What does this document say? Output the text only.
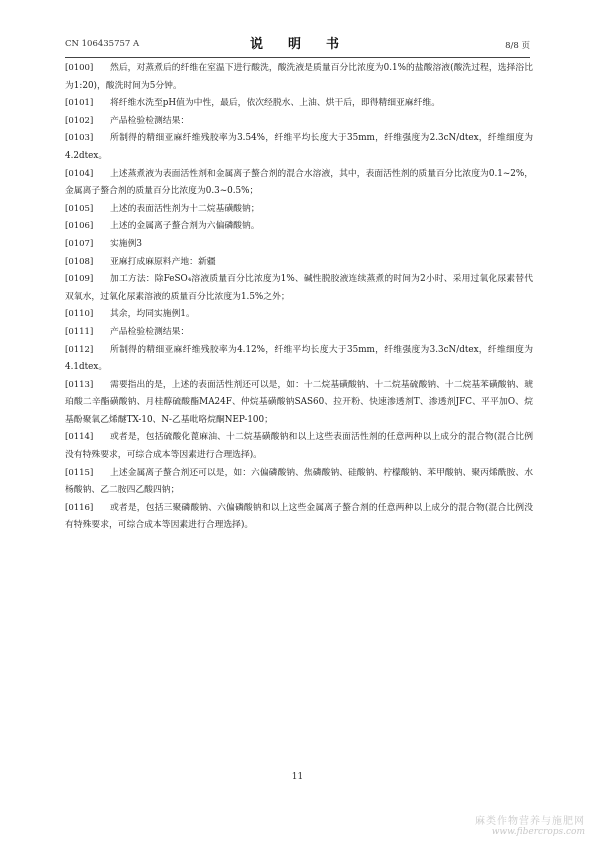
CN 106435757 A	说　明　书	8/8 页
[0100]	然后，对蒸煮后的纤维在室温下进行酸洗，酸洗液是质量百分比浓度为0.1%的盐酸溶液(酸洗过程，选择浴比为1:20)，酸洗时间为5分钟。
[0101]	将纤维水洗至pH值为中性，最后，依次经脱水、上油、烘干后，即得精细亚麻纤维。
[0102]	产品检验检测结果：
[0103]	所制得的精细亚麻纤维残胶率为3.54%，纤维平均长度大于35mm，纤维强度为2.3cN/dtex，纤维细度为4.2dtex。
[0104]	上述蒸煮液为表面活性剂和金属离子螯合剂的混合水溶液，其中，表面活性剂的质量百分比浓度为0.1~2%，金属离子螯合剂的质量百分比浓度为0.3~0.5%；
[0105]	上述的表面活性剂为十二烷基磺酸钠；
[0106]	上述的金属离子螯合剂为六偏磷酸钠。
[0107]	实施例3
[0108]	亚麻打成麻原料产地：新疆
[0109]	加工方法：除FeSO₄溶液质量百分比浓度为1%、碱性脱胶液连续蒸煮的时间为2小时、采用过氧化尿素替代双氧水，过氧化尿素溶液的质量百分比浓度为1.5%之外；
[0110]	其余，均同实施例1。
[0111]	产品检验检测结果：
[0112]	所制得的精细亚麻纤维残胶率为4.12%，纤维平均长度大于35mm，纤维强度为3.3cN/dtex，纤维细度为4.1dtex。
[0113]	需要指出的是，上述的表面活性剂还可以是，如：十二烷基磺酸钠、十二烷基硫酸钠、十二烷基苯磺酸钠、琥珀酸二辛酯磺酸钠、月桂醇硫酸酯MA24F、仲烷基磺酸钠SAS60、拉开粉、快速渗透剂T、渗透剂JFC、平平加O、烷基酚聚氧乙烯醚TX-10、N-乙基吡咯烷酮NEP-100；
[0114]	或者是，包括硫酸化蓖麻油、十二烷基磺酸钠和以上这些表面活性剂的任意两种以上成分的混合物(混合比例没有特殊要求，可综合成本等因素进行合理选择)。
[0115]	上述金属离子螯合剂还可以是，如：六偏磷酸钠、焦磷酸钠、硅酸钠、柠檬酸钠、苯甲酸钠、聚丙烯酰胺、水杨酸钠、乙二胺四乙酸四钠；
[0116]	或者是，包括三聚磷酸钠、六偏磷酸钠和以上这些金属离子螯合剂的任意两种以上成分的混合物(混合比例没有特殊要求，可综合成本等因素进行合理选择)。
11
麻类作物营养与施肥网
www.fibercrops.com
